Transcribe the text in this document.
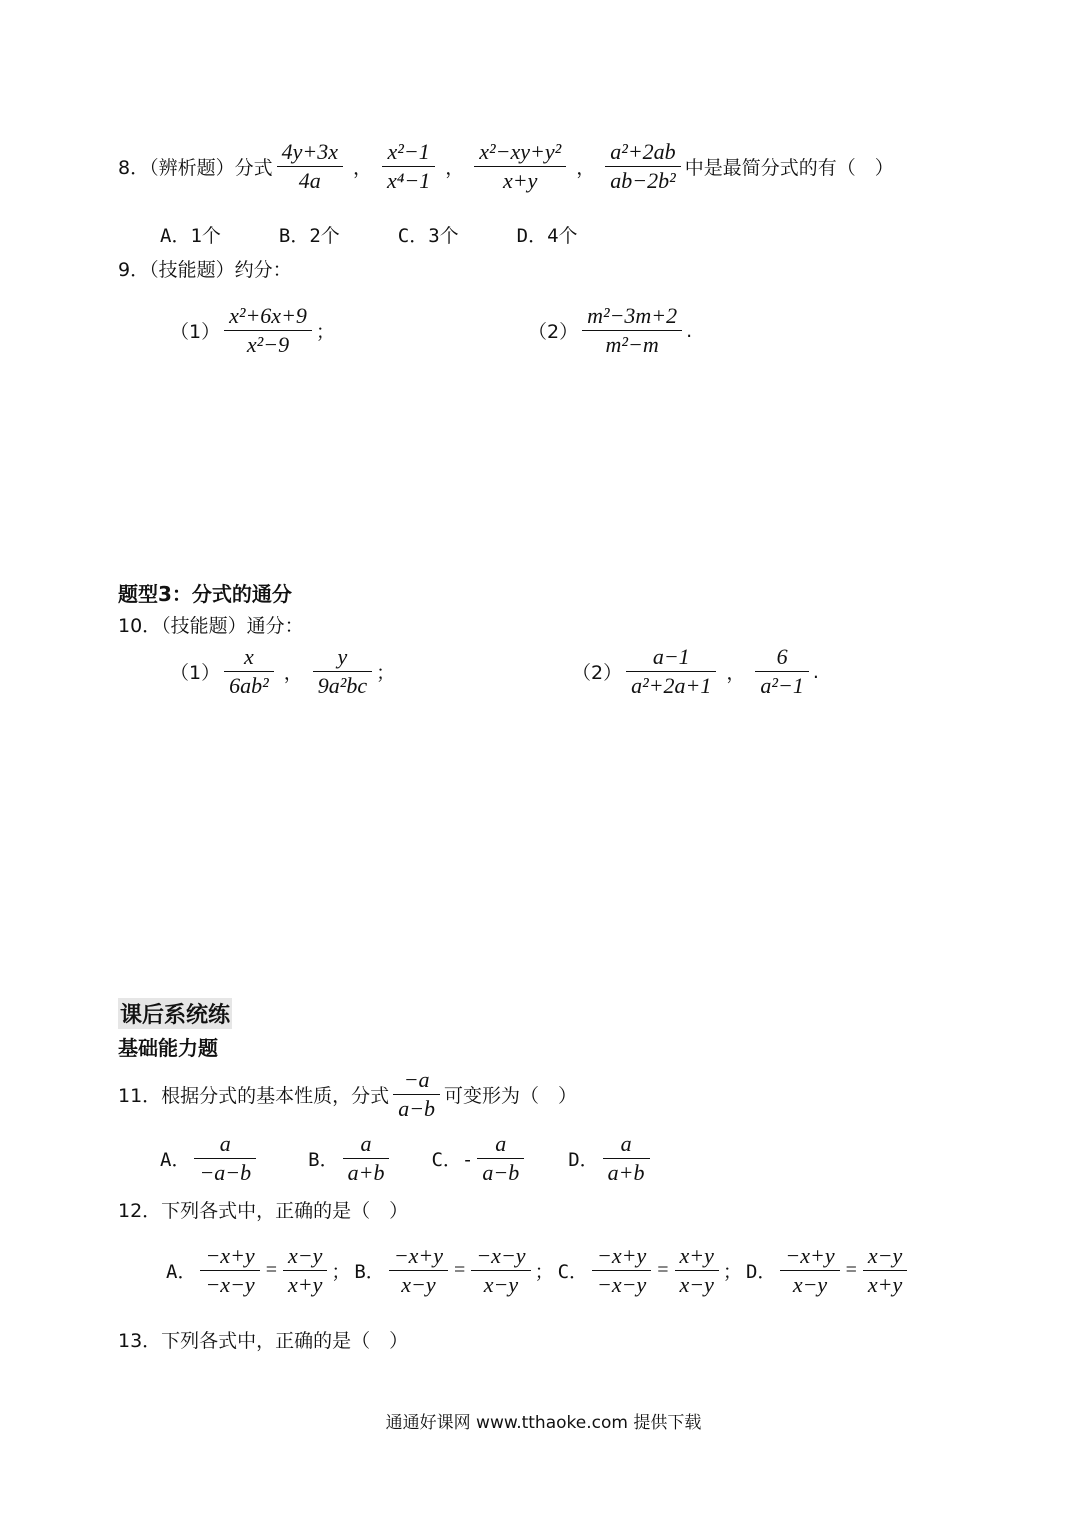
8．（辨析题）分式 $\frac{4y+3x}{4a}$ ， $\frac{\text{x²−1}}{\text{x⁴−1}}$ ， $\frac{\text{x²−xy+y²}}{x+y}$ ， $\frac{\text{a²+2ab}}{\text{ab−2b²}}$ 中是最简分式的有（　）
A．1个	B．2个	C．3个	D．4个
9．（技能题）约分：
$(1) \frac{\text{x²+6x+9}}{\text{x²−9}}$ ；	$(2) \frac{\text{m²−3m+2}}{\text{m²−m}}$ .
题型3：分式的通分
10．（技能题）通分：
$(1) \frac{x}{\text{6ab²}}$ ， $\frac{y}{\text{9a²bc}}$ ；	$(2) \frac{a-1}{\text{a²+2a+1}}$ ， $\frac{6}{\text{a²−1}}$ .
课后系统练
基础能力题
11．根据分式的基本性质，分式 $\frac{-a}{a-b}$ 可变形为（　）
A． $\frac{a}{-a-b}$	B． $\frac{a}{a+b}$ C．- $\frac{a}{a-b}$ D． $\frac{a}{a+b}$
12．下列各式中，正确的是（　）
A． $\frac{-x+y}{-x-y} = \frac{x-y}{x+y}$ ； B． $\frac{-x+y}{x-y} = \frac{-x-y}{x-y}$ ； C． $\frac{-x+y}{-x-y} = \frac{x+y}{x-y}$ ； D． $\frac{-x+y}{x-y} = \frac{x-y}{x+y}$
13．下列各式中，正确的是（　）
通通好课网 www.tthaoke.com 提供下载
